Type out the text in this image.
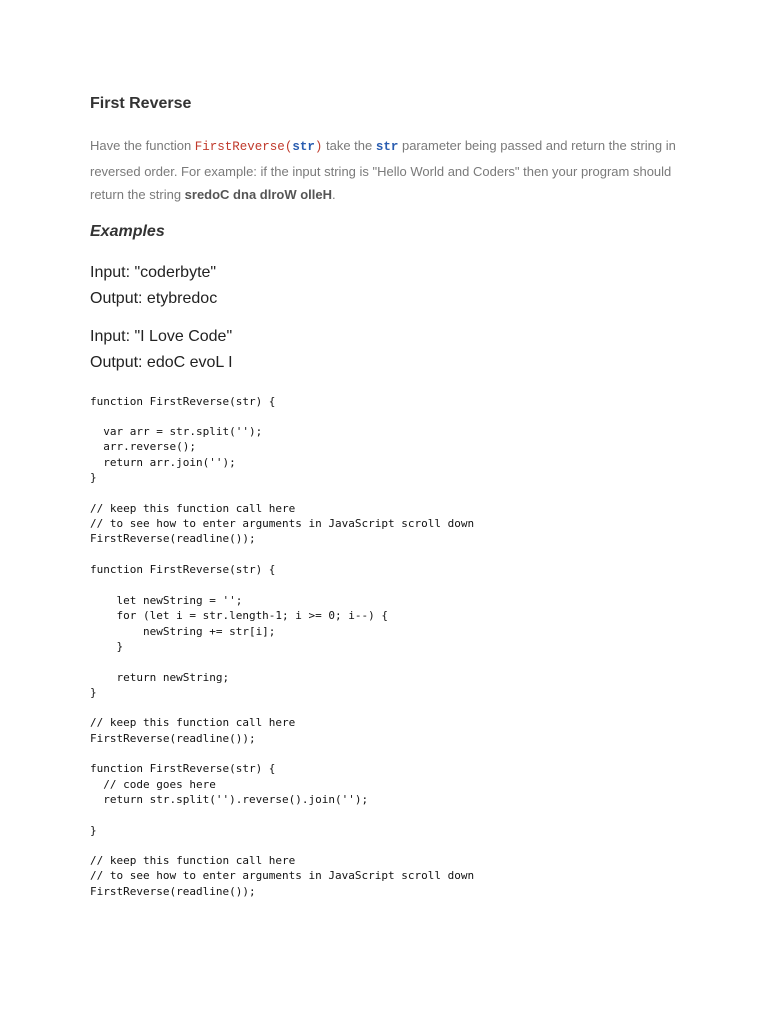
First Reverse

Have the function FirstReverse(str) take the str parameter being passed and return the string in reversed order. For example: if the input string is "Hello World and Coders" then your program should return the string sredoC dna dlroW olleH.

Examples
Input: "coderbyte"
Output: etybredoc
Input: "I Love Code"
Output: edoC evoL I
function FirstReverse(str) {

var arr = str.split('');
arr.reverse();
return arr.join('');
}

// keep this function call here
// to see how to enter arguments in JavaScript scroll down
FirstReverse(readline());
function FirstReverse(str) {

let newString = '';
for (let i = str.length-1; i >= 0; i--) {
newString += str[i];
}

return newString;
}

// keep this function call here
FirstReverse(readline());

function FirstReverse(str) {
// code goes here
return str.split('').reverse().join('');

}

// keep this function call here
// to see how to enter arguments in JavaScript scroll down
FirstReverse(readline());
